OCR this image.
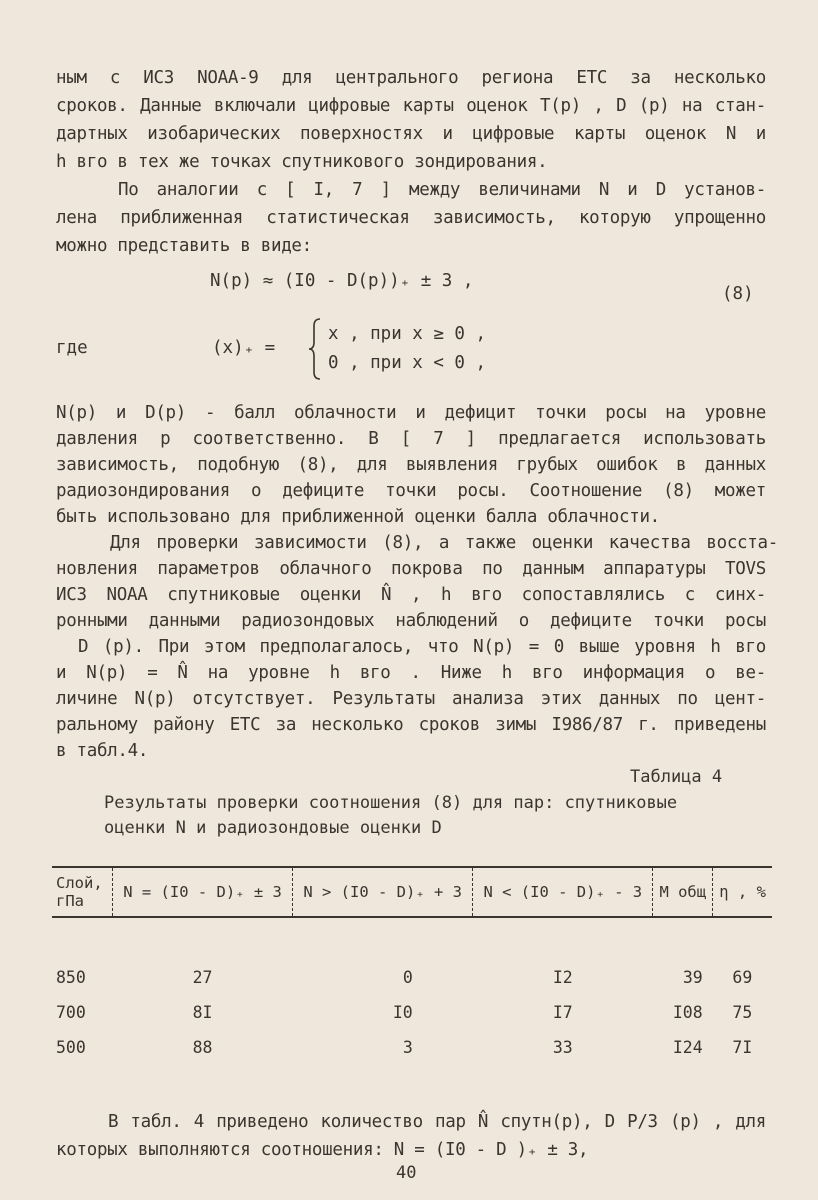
ным с ИСЗ NOAA-9 для центрального региона ЕТС за несколько
сроков. Данные включали цифровые карты оценок T(p) , D (p) на стан-
дартных изобарических поверхностях и цифровые карты оценок N и
h вго в тех же точках спутникового зондирования.
По аналогии с [ I, 7 ] между величинами N и D установ-
лена приближенная статистическая зависимость, которую упрощенно
можно представить в виде:
N(p) ≈ (I0 - D(p))₊ ± 3 ,
(8)
где	(x)₊ =
x , при x ≥ 0 ,
0 , при x < 0 ,
N(p) и D(p) - балл облачности и дефицит точки росы на уровне
давления p соответственно. В [ 7 ] предлагается использовать
зависимость, подобную (8), для выявления грубых ошибок в данных
радиозондирования о дефиците точки росы. Соотношение (8) может
быть использовано для приближенной оценки балла облачности.
Для проверки зависимости (8), а также оценки качества восста-
новления параметров облачного покрова по данным аппаратуры TOVS
ИСЗ NOAA спутниковые оценки N̂ , h вго сопоставлялись с синх-
ронными данными радиозондовых наблюдений о дефиците точки росы
D (p). При этом предполагалось, что N(p) = 0 выше уровня h вго
и N(p) = N̂ на уровне h вго . Ниже h вго информация о ве-
личине N(p) отсутствует. Результаты анализа этих данных по цент-
ральному району ЕТС за несколько сроков зимы I986/87 г. приведены
в табл.4.
Таблица 4
Результаты проверки соотношения (8) для пар: спутниковые
оценки N и радиозондовые оценки D
Слой, гПа	N = (I0 - D)₊ ± 3	N > (I0 - D)₊ + 3	N < (I0 - D)₊ - 3	M общ	η , %
850	27	0	I2	39	69
700	8I	I0	I7	I08	75
500	88	3	33	I24	7I
В табл. 4 приведено количество пар N̂ спутн(p), D Р/З (p) , для
которых выполняются соотношения: N = (I0 - D )₊ ± 3,
40
